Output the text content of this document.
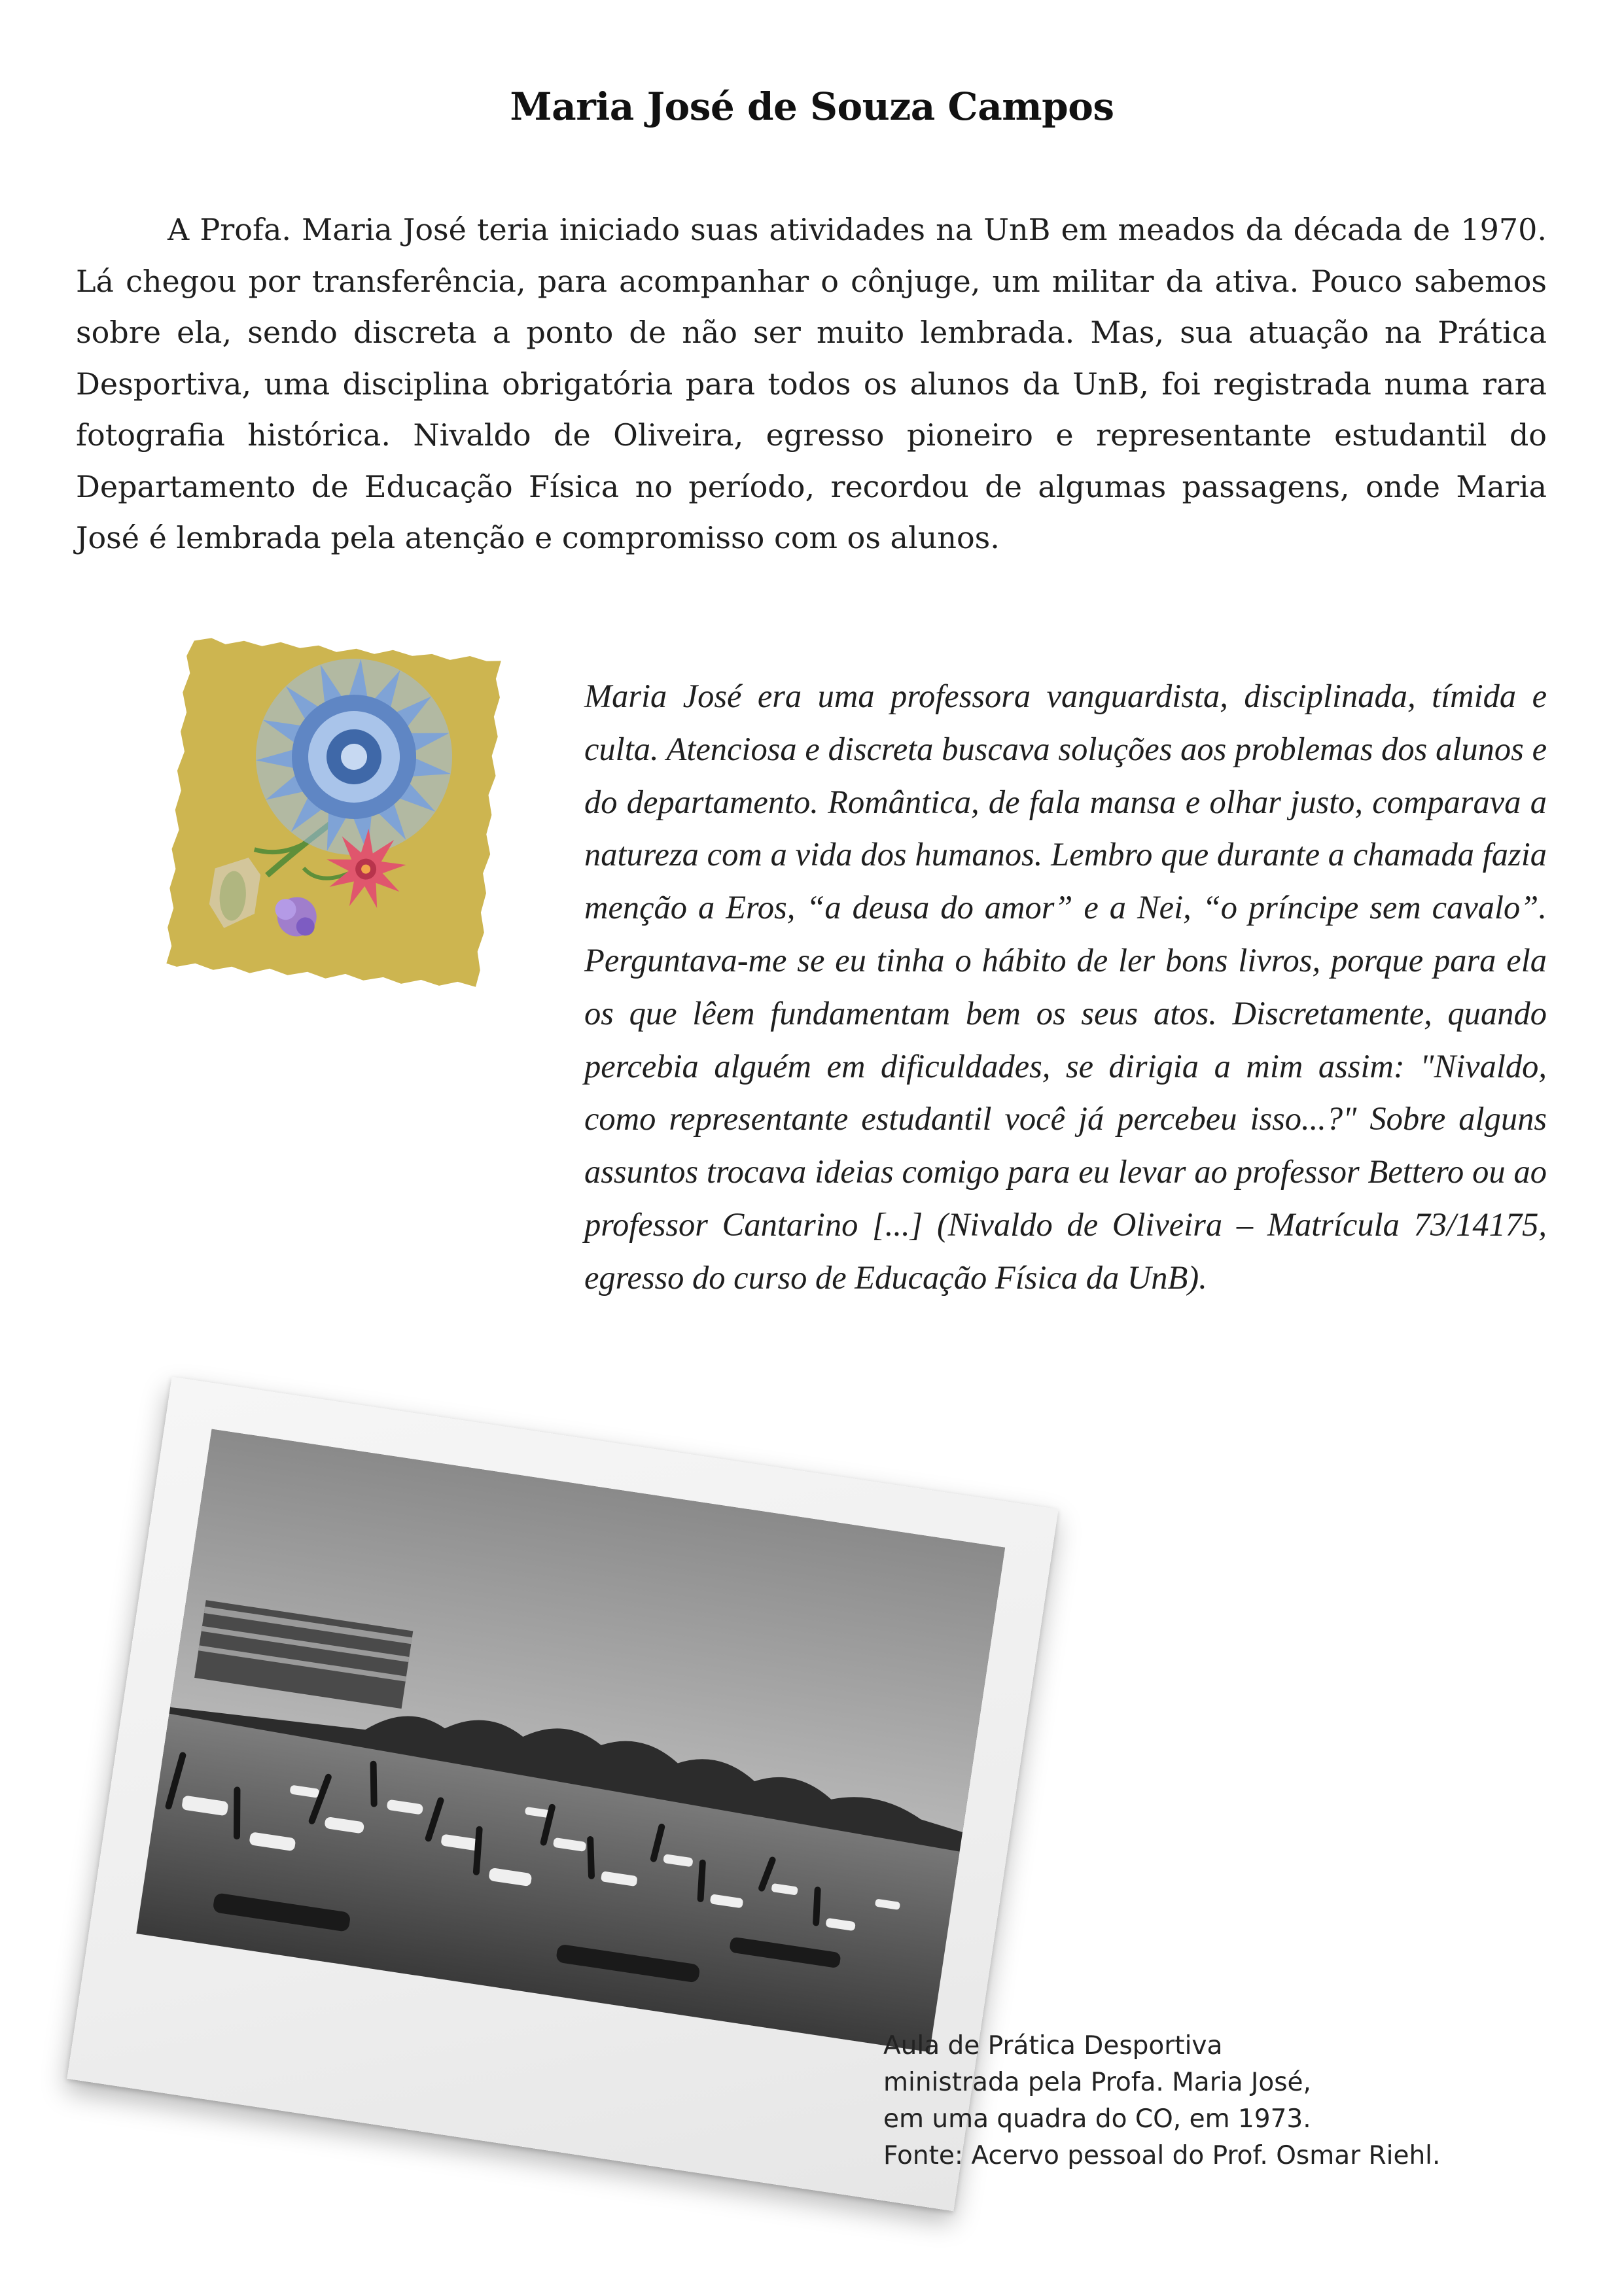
Maria José de Souza Campos

A Profa. Maria José teria iniciado suas atividades na UnB em meados da década de 1970. Lá chegou por transferência, para acompanhar o cônjuge, um militar da ativa. Pouco sabemos sobre ela, sendo discreta a ponto de não ser muito lembrada. Mas, sua atuação na Prática Desportiva, uma disciplina obrigatória para todos os alunos da UnB, foi registrada numa rara fotografia histórica. Nivaldo de Oliveira, egresso pioneiro e representante estudantil do Departamento de Educação Física no período, recordou de algumas passagens, onde Maria José é lembrada pela atenção e compromisso com os alunos.

Maria José era uma professora vanguardista, disciplinada, tímida e culta. Atenciosa e discreta buscava soluções aos problemas dos alunos e do departamento. Romântica, de fala mansa e olhar justo, comparava a natureza com a vida dos humanos. Lembro que durante a chamada fazia menção a Eros, “a deusa do amor” e a Nei, “o príncipe sem cavalo”. Perguntava-me se eu tinha o hábito de ler bons livros, porque para ela os que lêem fundamentam bem os seus atos. Discretamente, quando percebia alguém em dificuldades, se dirigia a mim assim: "Nivaldo, como representante estudantil você já percebeu isso...?" Sobre alguns assuntos trocava ideias comigo para eu levar ao professor Bettero ou ao professor Cantarino [...] (Nivaldo de Oliveira – Matrícula 73/14175, egresso do curso de Educação Física da UnB).

Aula de Prática Desportiva
ministrada pela Profa. Maria José,
em uma quadra do CO, em 1973.
Fonte: Acervo pessoal do Prof. Osmar Riehl.
